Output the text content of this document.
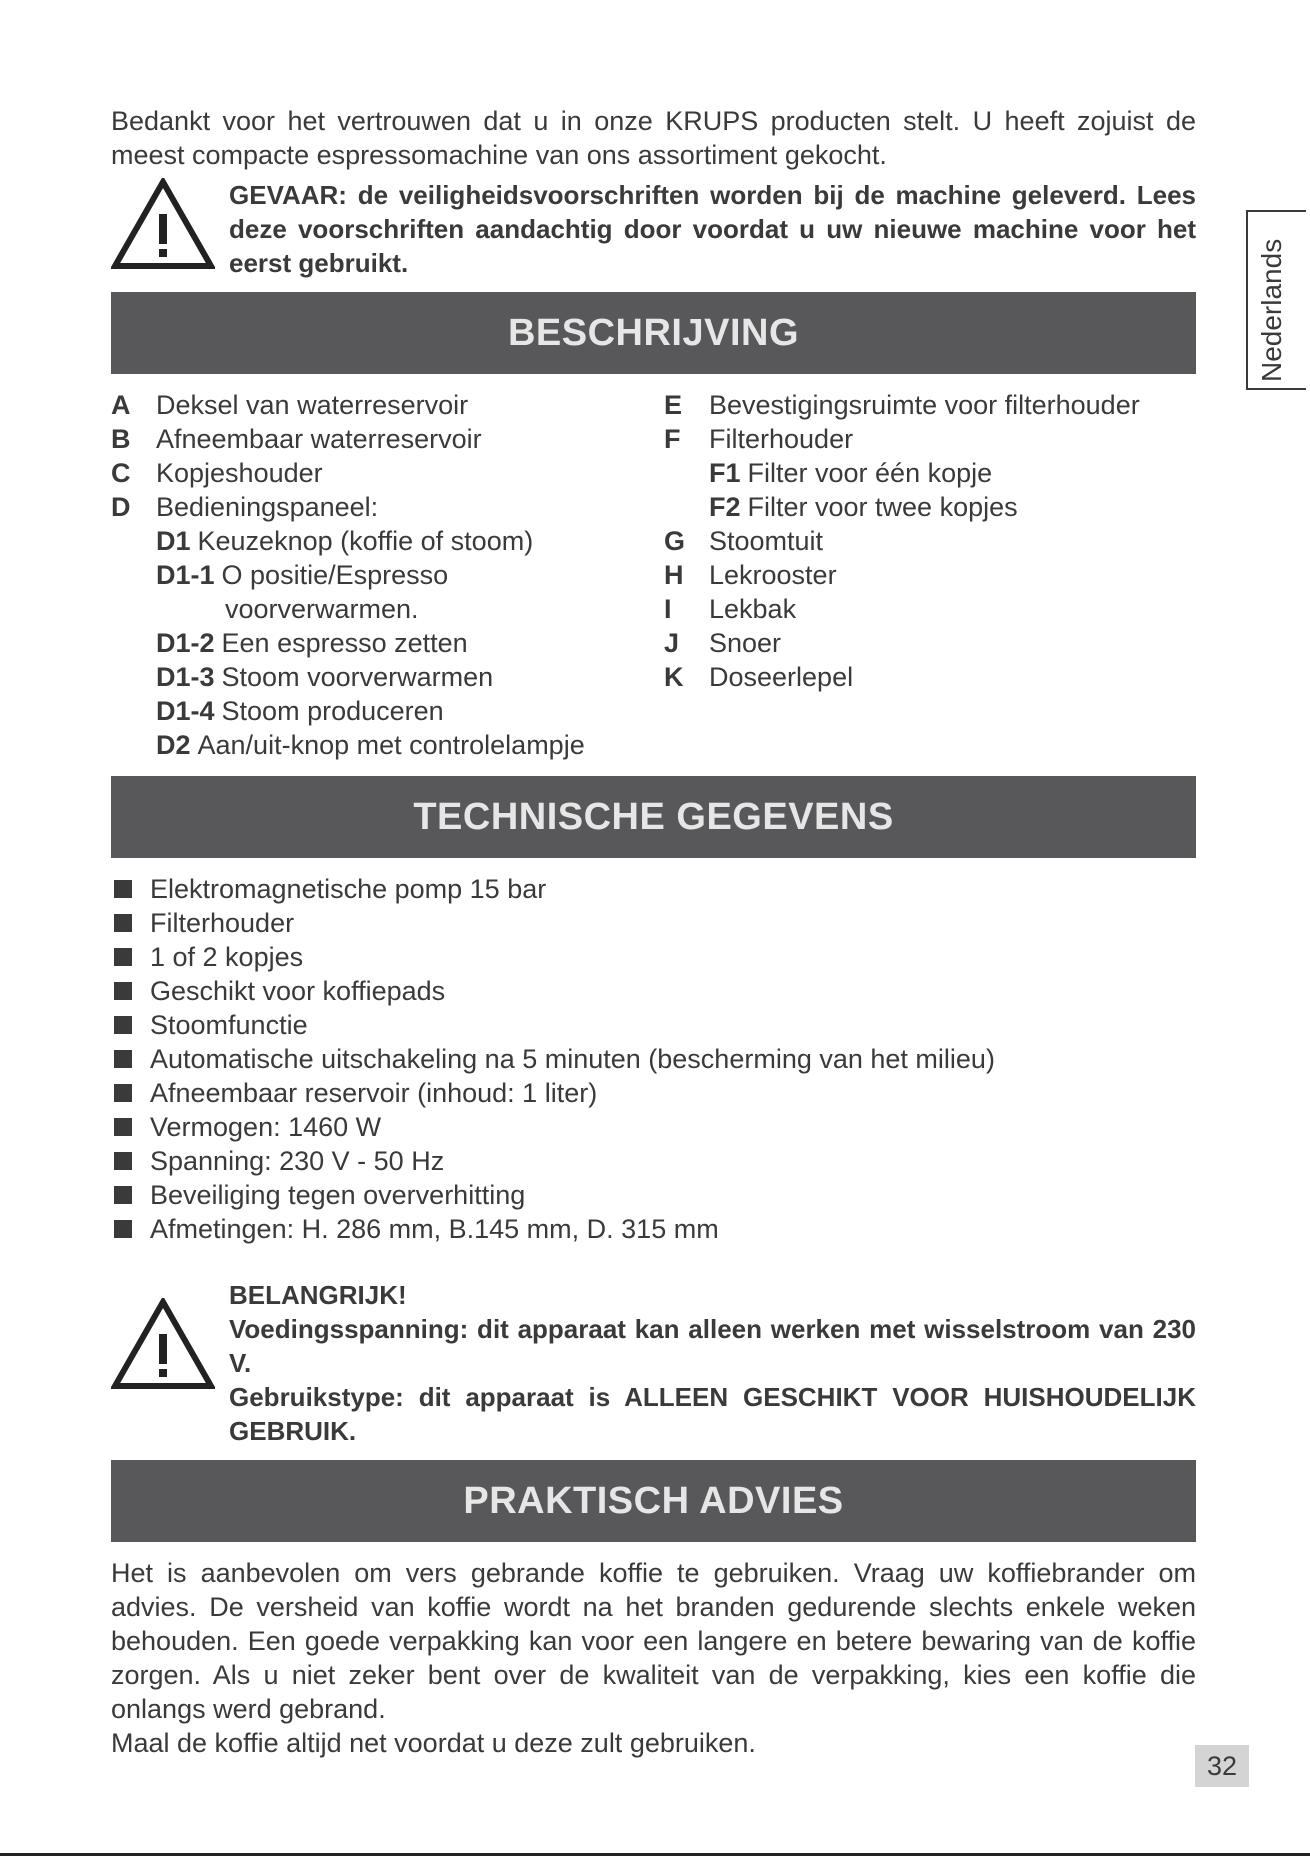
Bedankt voor het vertrouwen dat u in onze KRUPS producten stelt. U heeft zojuist de meest compacte espressomachine van ons assortiment gekocht.

GEVAAR: de veiligheidsvoorschriften worden bij de machine geleverd. Lees deze voorschriften aandachtig door voordat u uw nieuwe machine voor het eerst gebruikt.
BESCHRIJVING
A Deksel van waterreservoir
B Afneembaar waterreservoir
C Kopjeshouder
D Bedieningspaneel:
D1 Keuzeknop (koffie of stoom)
D1-1 O positie/Espresso
voorverwarmen.
D1-2 Een espresso zetten
D1-3 Stoom voorverwarmen
D1-4 Stoom produceren
D2 Aan/uit-knop met controlelampje
E Bevestigingsruimte voor filterhouder
F	Filterhouder
F1 Filter voor één kopje
F2 Filter voor twee kopjes
G Stoomtuit
H Lekrooster
I	Lekbak
J	Snoer
K Doseerlepel
TECHNISCHE GEGEVENS
Elektromagnetische pomp 15 bar
Filterhouder
1 of 2 kopjes
Geschikt voor koffiepads
Stoomfunctie
Automatische uitschakeling na 5 minuten (bescherming van het milieu)
Afneembaar reservoir (inhoud: 1 liter)
Vermogen: 1460 W
Spanning: 230 V - 50 Hz
Beveiliging tegen oververhitting
Afmetingen: H. 286 mm, B.145 mm, D. 315 mm
BELANGRIJK!
Voedingsspanning: dit apparaat kan alleen werken met wisselstroom van 230 V.
Gebruikstype: dit apparaat is ALLEEN GESCHIKT VOOR HUISHOUDELIJK GEBRUIK.
PRAKTISCH ADVIES

Het is aanbevolen om vers gebrande koffie te gebruiken. Vraag uw koffiebrander om advies. De versheid van koffie wordt na het branden gedurende slechts enkele weken behouden. Een goede verpakking kan voor een langere en betere bewaring van de koffie zorgen. Als u niet zeker bent over de kwaliteit van de verpakking, kies een koffie die onlangs werd gebrand.

Maal de koffie altijd net voordat u deze zult gebruiken.

Nederlands
32
